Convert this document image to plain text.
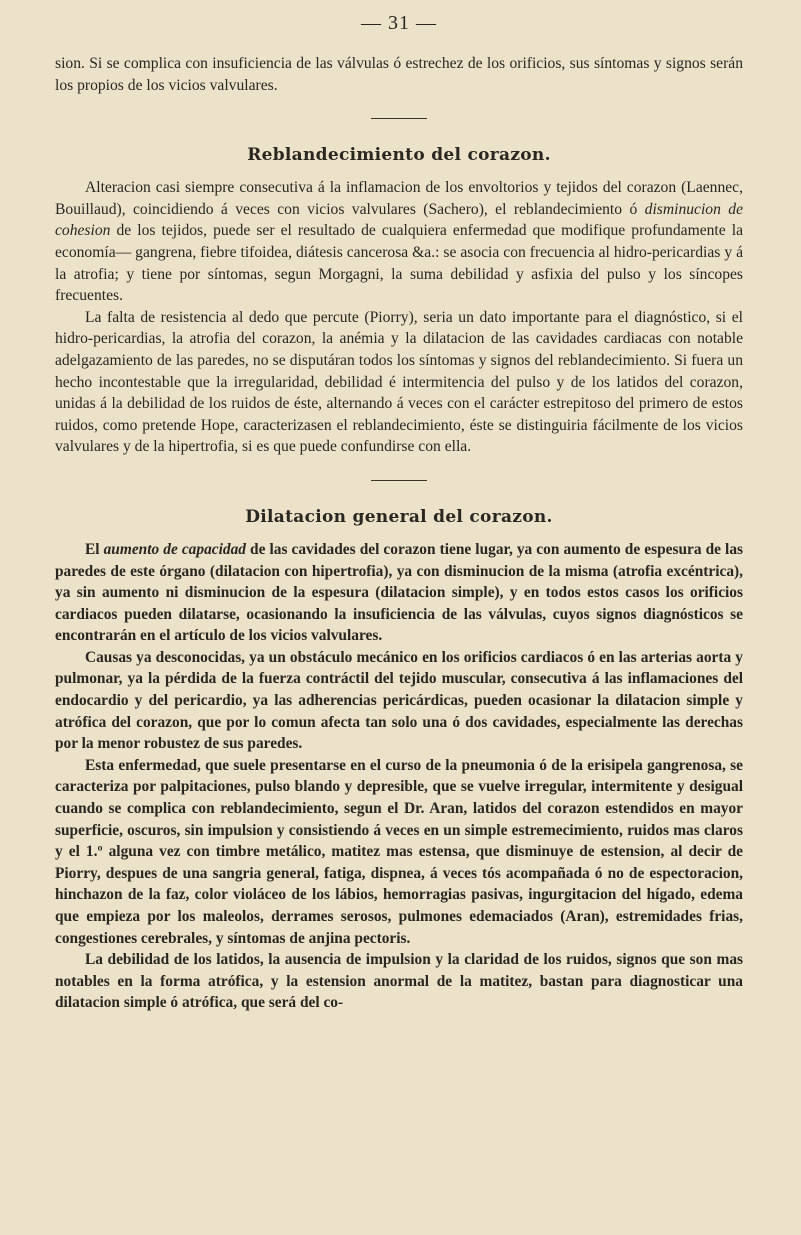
— 31 —

sion. Si se complica con insuficiencia de las válvulas ó estrechez de los orificios, sus síntomas y signos serán los propios de los vicios valvulares.

Reblandecimiento del corazon.

Alteracion casi siempre consecutiva á la inflamacion de los envoltorios y tejidos del corazon (Laennec, Bouillaud), coincidiendo á veces con vicios valvulares (Sachero), el reblandecimiento ó disminucion de cohesion de los tejidos, puede ser el resultado de cualquiera enfermedad que modifique profundamente la economía— gangrena, fiebre tifoidea, diátesis cancerosa &a.: se asocia con frecuencia al hidro-pericardias y á la atrofia; y tiene por síntomas, segun Morgagni, la suma debilidad y asfixia del pulso y los síncopes frecuentes.

La falta de resistencia al dedo que percute (Piorry), seria un dato importante para el diagnóstico, si el hidro-pericardias, la atrofia del corazon, la anémia y la dilatacion de las cavidades cardiacas con notable adelgazamiento de las paredes, no se disputáran todos los síntomas y signos del reblandecimiento. Si fuera un hecho incontestable que la irregularidad, debilidad é intermitencia del pulso y de los latidos del corazon, unidas á la debilidad de los ruidos de éste, alternando á veces con el carácter estrepitoso del primero de estos ruidos, como pretende Hope, caracterizasen el reblandecimiento, éste se distinguiria fácilmente de los vicios valvulares y de la hipertrofia, si es que puede confundirse con ella.

Dilatacion general del corazon.

El aumento de capacidad de las cavidades del corazon tiene lugar, ya con aumento de espesura de las paredes de este órgano (dilatacion con hipertrofia), ya con disminucion de la misma (atrofia excéntrica), ya sin aumento ni disminucion de la espesura (dilatacion simple), y en todos estos casos los orificios cardiacos pueden dilatarse, ocasionando la insuficiencia de las válvulas, cuyos signos diagnósticos se encontrarán en el artículo de los vicios valvulares.

Causas ya desconocidas, ya un obstáculo mecánico en los orificios cardiacos ó en las arterias aorta y pulmonar, ya la pérdida de la fuerza contráctil del tejido muscular, consecutiva á las inflamaciones del endocardio y del pericardio, ya las adherencias pericárdicas, pueden ocasionar la dilatacion simple y atrófica del corazon, que por lo comun afecta tan solo una ó dos cavidades, especialmente las derechas por la menor robustez de sus paredes.

Esta enfermedad, que suele presentarse en el curso de la pneumonia ó de la erisipela gangrenosa, se caracteriza por palpitaciones, pulso blando y depresible, que se vuelve irregular, intermitente y desigual cuando se complica con reblandecimiento, segun el Dr. Aran, latidos del corazon estendidos en mayor superficie, oscuros, sin impulsion y consistiendo á veces en un simple estremecimiento, ruidos mas claros y el 1.º alguna vez con timbre metálico, matitez mas estensa, que disminuye de estension, al decir de Piorry, despues de una sangria general, fatiga, dispnea, á veces tós acompañada ó no de espectoracion, hinchazon de la faz, color violáceo de los lábios, hemorragias pasivas, ingurgitacion del hígado, edema que empieza por los maleolos, derrames serosos, pulmones edemaciados (Aran), estremidades frias, congestiones cerebrales, y síntomas de anjina pectoris.

La debilidad de los latidos, la ausencia de impulsion y la claridad de los ruidos, signos que son mas notables en la forma atrófica, y la estension anormal de la matitez, bastan para diagnosticar una dilatacion simple ó atrófica, que será del co-
